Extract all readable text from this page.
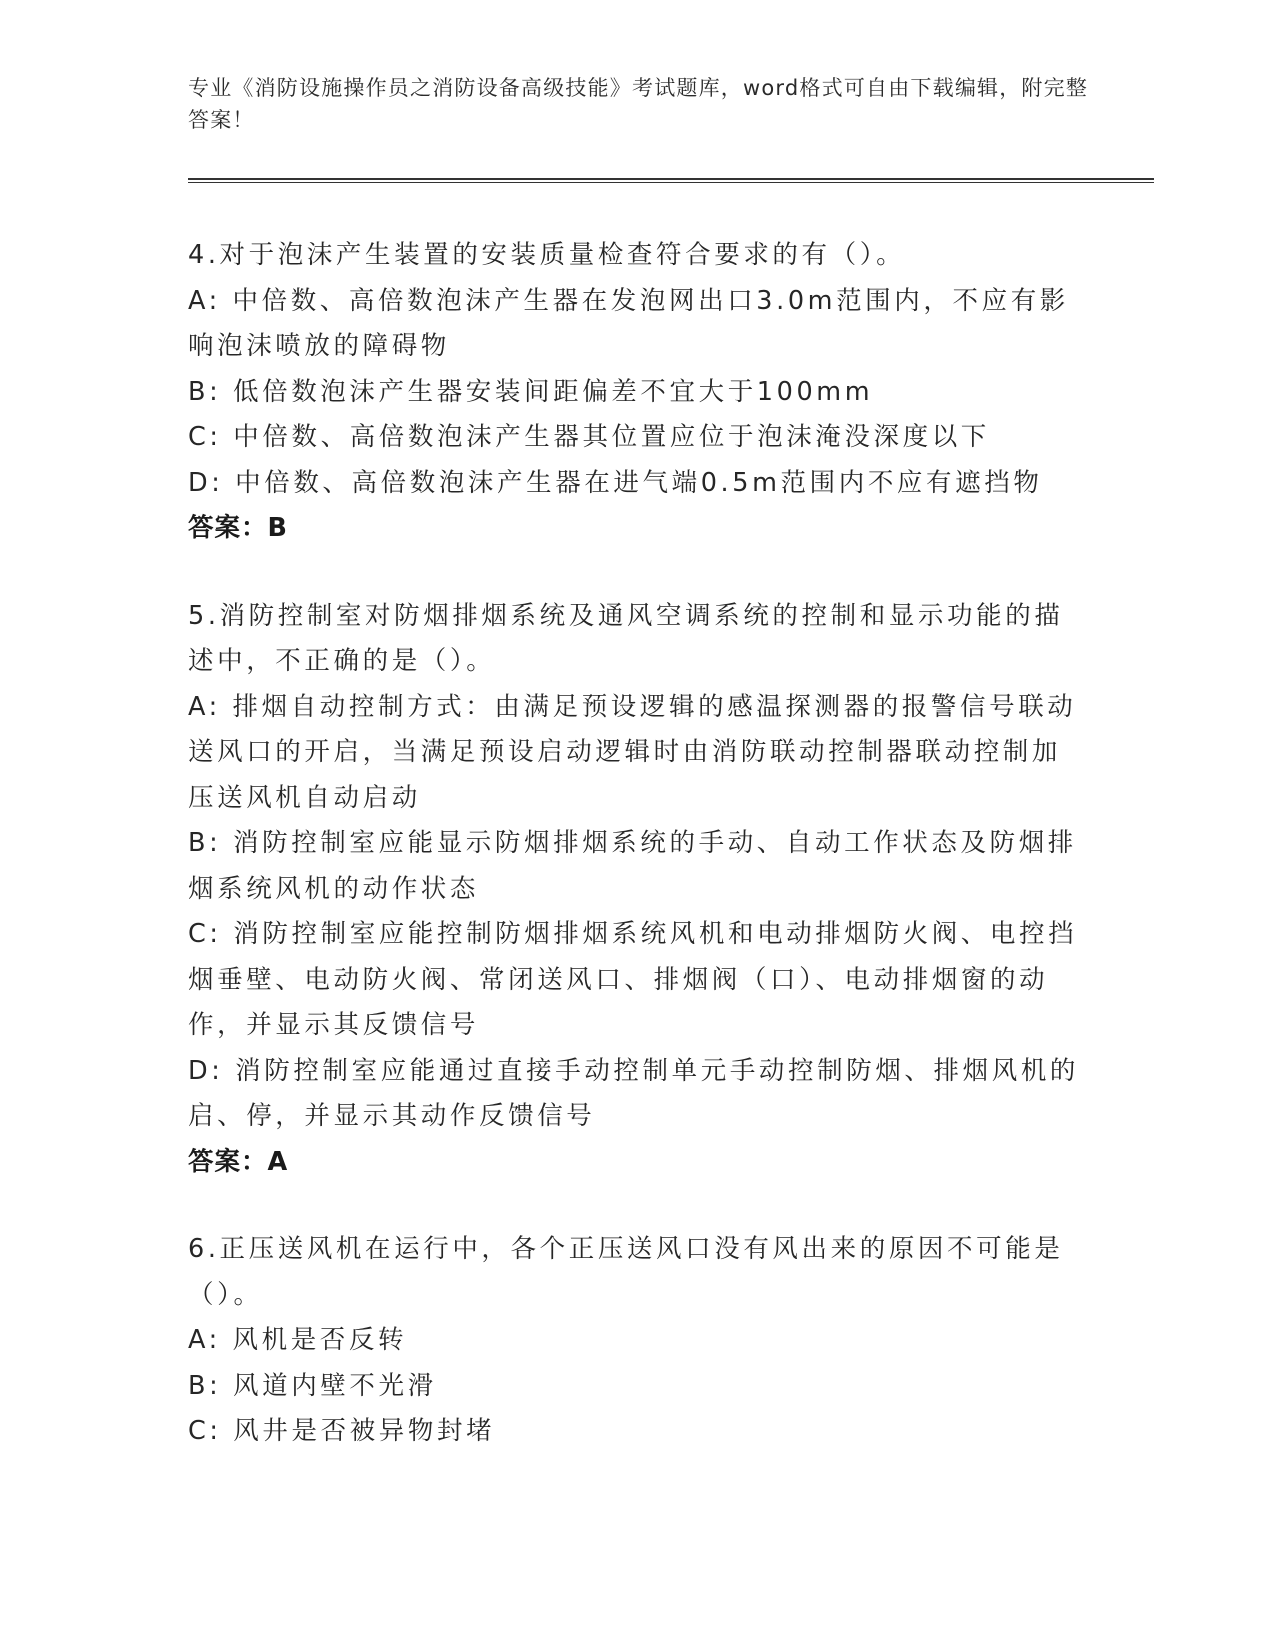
专业《消防设施操作员之消防设备高级技能》考试题库，word格式可自由下载编辑，附完整答案！

4.对于泡沫产生装置的安装质量检查符合要求的有（）。

A: 中倍数、高倍数泡沫产生器在发泡网出口3.0m范围内，不应有影响泡沫喷放的障碍物

B: 低倍数泡沫产生器安装间距偏差不宜大于100mm

C: 中倍数、高倍数泡沫产生器其位置应位于泡沫淹没深度以下

D: 中倍数、高倍数泡沫产生器在进气端0.5m范围内不应有遮挡物

答案：B

5.消防控制室对防烟排烟系统及通风空调系统的控制和显示功能的描述中，不正确的是（）。

A: 排烟自动控制方式：由满足预设逻辑的感温探测器的报警信号联动送风口的开启，当满足预设启动逻辑时由消防联动控制器联动控制加压送风机自动启动

B: 消防控制室应能显示防烟排烟系统的手动、自动工作状态及防烟排烟系统风机的动作状态

C: 消防控制室应能控制防烟排烟系统风机和电动排烟防火阀、电控挡烟垂壁、电动防火阀、常闭送风口、排烟阀（口）、电动排烟窗的动作，并显示其反馈信号

D: 消防控制室应能通过直接手动控制单元手动控制防烟、排烟风机的启、停，并显示其动作反馈信号

答案：A

6.正压送风机在运行中，各个正压送风口没有风出来的原因不可能是（）。

A: 风机是否反转

B: 风道内壁不光滑

C: 风井是否被异物封堵
